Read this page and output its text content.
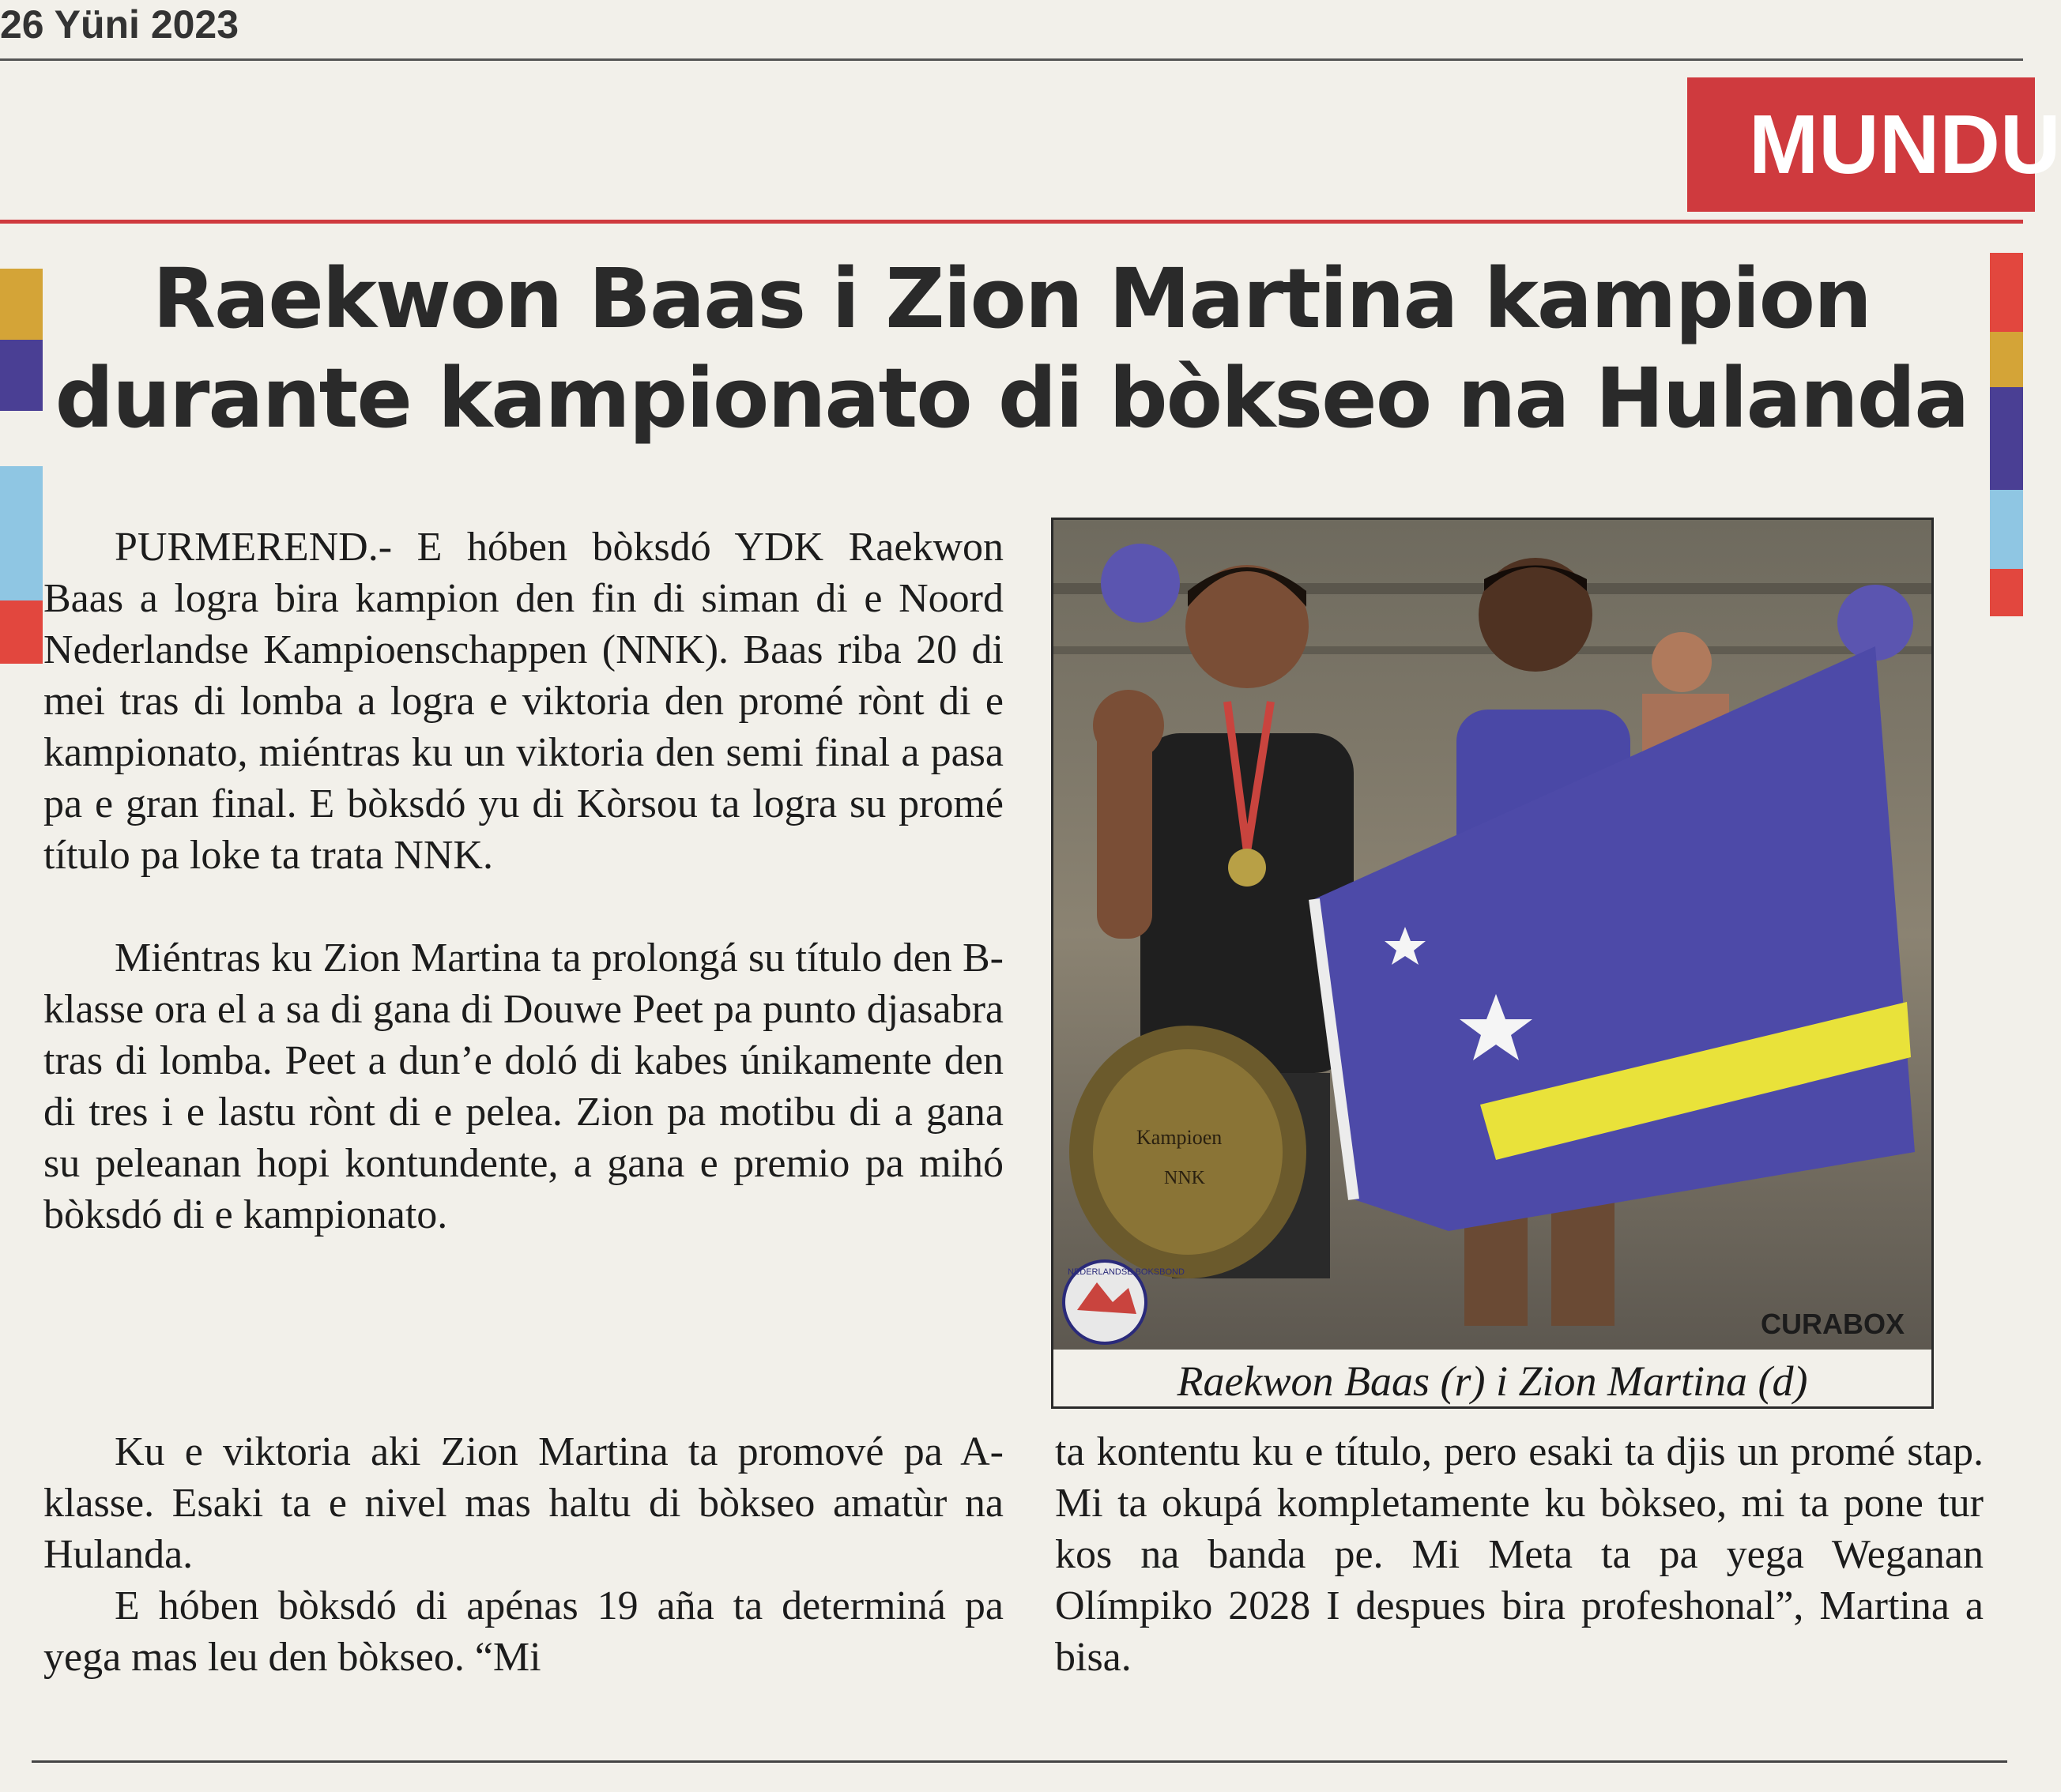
26 Yüni 2023
MUNDU
Raekwon Baas i Zion Martina kampion
durante kampionato di bòkseo na Hulanda

PURMEREND.- E hóben bòksdó YDK Raekwon Baas a logra bira kampion den fin di siman di e Noord Nederlandse Kampioenschappen (NNK). Baas riba 20 di mei tras di lomba a logra e viktoria den promé rònt di e kampionato, miéntras ku un viktoria den semi final a pasa pa e gran final. E bòksdó yu di Kòrsou ta logra su promé título pa loke ta trata NNK.

Miéntras ku Zion Martina ta prolongá su título den B-klasse ora el a sa di gana di Douwe Peet pa punto djasabra tras di lomba. Peet a dun’e doló di kabes únikamente den di tres i e lastu rònt di e pelea. Zion pa motibu di a gana su peleanan hopi kontundente, a gana e premio pa mihó bòksdó di e kampionato.

Kampioen
NNK
NEDERLANDSE BOKSBOND
CURABOX
Raekwon Baas (r) i Zion Martina (d)

Ku e viktoria aki Zion Martina ta promové pa A-klasse. Esaki ta e nivel mas haltu di bòkseo amatùr na Hulanda.

E hóben bòksdó di apénas 19 aña ta determiná pa yega mas leu den bòkseo. “Mi

ta kontentu ku e título, pero esaki ta djis un promé stap. Mi ta okupá kompletamente ku bòkseo, mi ta pone tur kos na banda pe. Mi Meta ta pa yega Weganan Olímpiko 2028 I despues bira profeshonal”, Martina a bisa.
